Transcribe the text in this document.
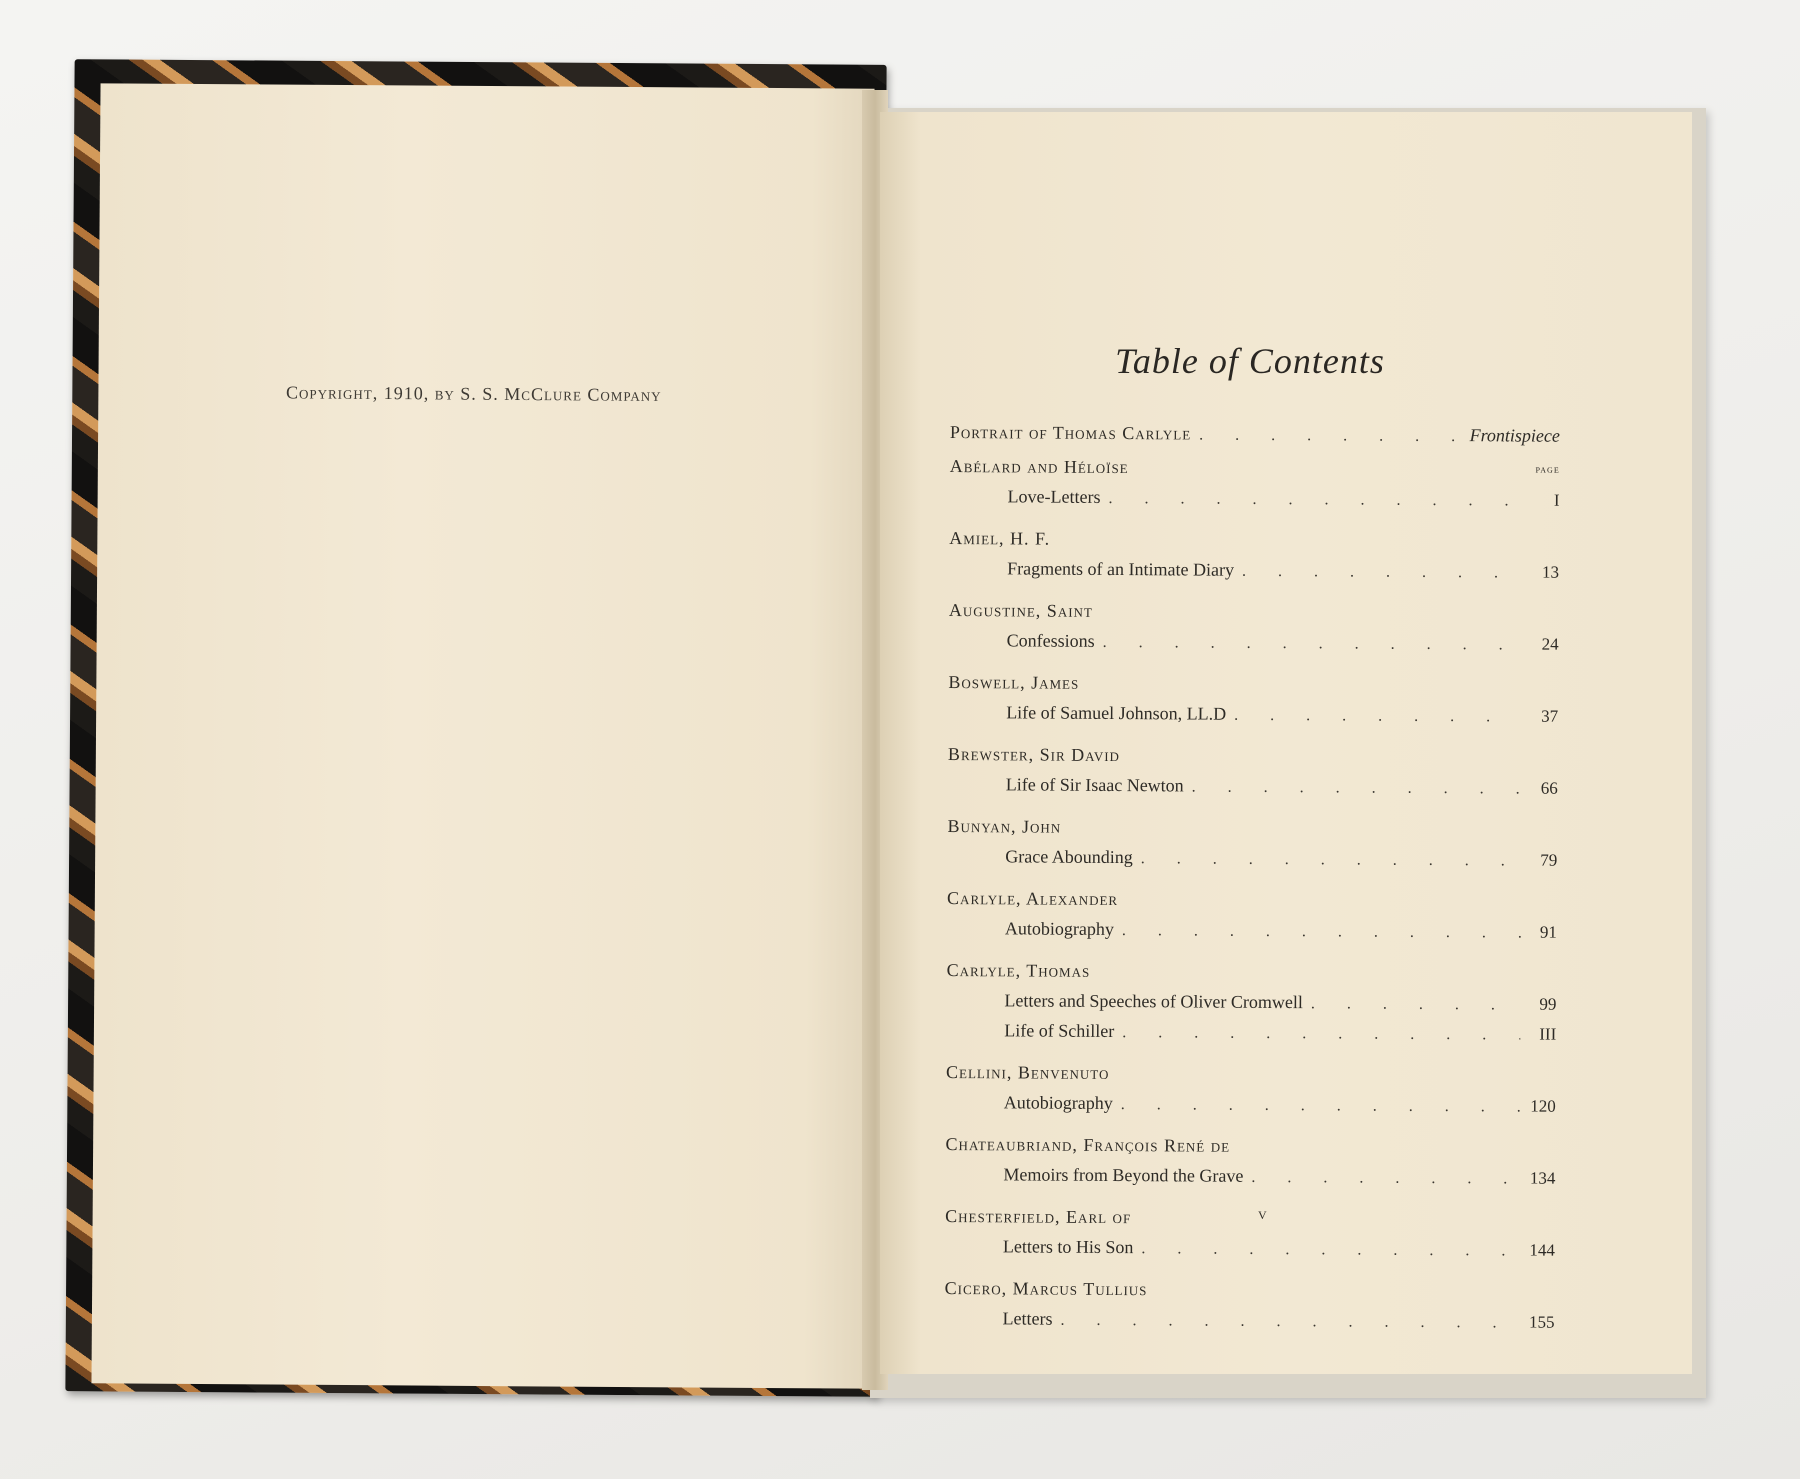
Copyright, 1910, by S. S. McClure Company
Table of Contents
Portrait of Thomas Carlyle . . .	Frontispiece
Abélard and Héloïse	page
Love-Letters . . .	I
Amiel, H. F.
Fragments of an Intimate Diary . . .	13
Augustine, Saint
Confessions . . .	24
Boswell, James
Life of Samuel Johnson, LL.D . . .	37
Brewster, Sir David
Life of Sir Isaac Newton . . .	66
Bunyan, John
Grace Abounding . . .	79
Carlyle, Alexander
Autobiography . . .	91
Carlyle, Thomas
Letters and Speeches of Oliver Cromwell . . .	99
Life of Schiller . . .	III
Cellini, Benvenuto
Autobiography . . .	120
Chateaubriand, François René de
Memoirs from Beyond the Grave . . .	134
Chesterfield, Earl of
Letters to His Son . . .	144
Cicero, Marcus Tullius
Letters . . .	155
v
